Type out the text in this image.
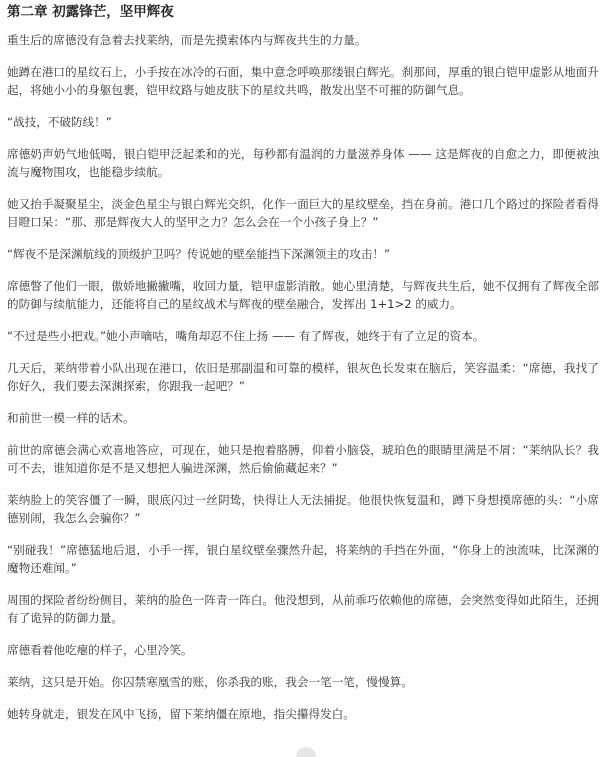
第二章 初露锋芒，坚甲辉夜

重生后的席德没有急着去找莱纳，而是先摸索体内与辉夜共生的力量。

她蹲在港口的星纹石上，小手按在冰冷的石面，集中意念呼唤那缕银白辉光。刹那间，厚重的银白铠甲虚影从地面升起，将她小小的身躯包裹，铠甲纹路与她皮肤下的星纹共鸣，散发出坚不可摧的防御气息。

“战技，不破防线！”

席德奶声奶气地低喝，银白铠甲泛起柔和的光，每秒都有温润的力量滋养身体 —— 这是辉夜的自愈之力，即便被浊流与魔物围攻，也能稳步续航。

她又抬手凝聚星尘，淡金色星尘与银白辉光交织，化作一面巨大的星纹壁垒，挡在身前。港口几个路过的探险者看得目瞪口呆：“那、那是辉夜大人的坚甲之力？怎么会在一个小孩子身上？”

“辉夜不是深渊航线的顶级护卫吗？传说她的壁垒能挡下深渊领主的攻击！”

席德瞥了他们一眼，傲娇地撇撇嘴，收回力量，铠甲虚影消散。她心里清楚，与辉夜共生后，她不仅拥有了辉夜全部的防御与续航能力，还能将自己的星纹战术与辉夜的壁垒融合，发挥出 1+1>2 的威力。

“不过是些小把戏。”她小声嘀咕，嘴角却忍不住上扬 —— 有了辉夜，她终于有了立足的资本。

几天后，莱纳带着小队出现在港口，依旧是那副温和可靠的模样，银灰色长发束在脑后，笑容温柔：“席德，我找了你好久，我们要去深渊探索，你跟我一起吧？”

和前世一模一样的话术。

前世的席德会满心欢喜地答应，可现在，她只是抱着胳膊，仰着小脑袋，琥珀色的眼睛里满是不屑：“莱纳队长？我可不去，谁知道你是不是又想把人骗进深渊，然后偷偷藏起来？”

莱纳脸上的笑容僵了一瞬，眼底闪过一丝阴鸷，快得让人无法捕捉。他很快恢复温和，蹲下身想摸席德的头：“小席德别闹，我怎么会骗你？”

“别碰我！”席德猛地后退，小手一挥，银白星纹壁垒骤然升起，将莱纳的手挡在外面，“你身上的浊流味，比深渊的魔物还难闻。”

周围的探险者纷纷侧目，莱纳的脸色一阵青一阵白。他没想到，从前乖巧依赖他的席德，会突然变得如此陌生，还拥有了诡异的防御力量。

席德看着他吃瘪的样子，心里冷笑。

莱纳，这只是开始。你囚禁寒凰雪的账，你杀我的账，我会一笔一笔，慢慢算。

她转身就走，银发在风中飞扬，留下莱纳僵在原地，指尖攥得发白。
